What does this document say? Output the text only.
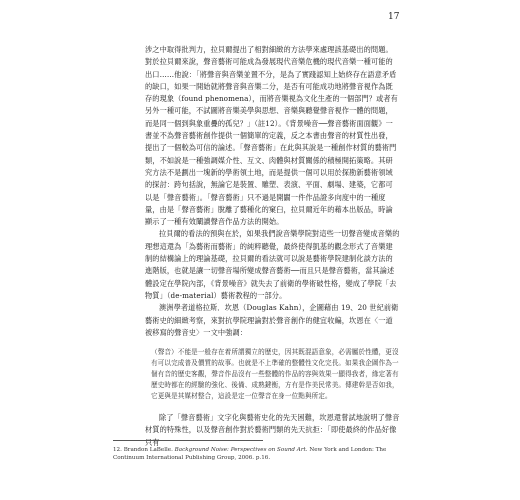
17

涉之中取得批判力，拉貝爾提出了相對細緻的方法學來處理該基礎出的問題。對於拉貝爾來說，聲音藝術可能成為發展現代音樂危機的現代音樂一種可能的出口……他說：「將聲音與音樂並置不分，是為了實踐認知上始終存在語意矛盾的缺口，如果一開始就將聲音與音樂二分，是否有可能成功地將聲音視作為既存的現象（found phenomena），而將音樂視為文化生產的一個部門？或者有另外一種可能，不試圖將音樂美學與思想、音樂與聽覺聲音視作一體的問題，而是同一個到與象重疊的孤兒？」（註12）。《背景噪音──聲音藝術面面觀》一書並不為聲音藝術創作提供一個簡單的定義，反之本書由聲音的材質性出發，提出了一個較為可信的論述。「聲音藝術」在此與其說是一種創作材質的藝術門類，不如說是一種強調媒介性、互文、肉體與材質關係的積極開拓策略。其研究方法不是劃出一塊新的學術領土地，而是提供一個可以用於探勘新藝術領域的探討：跨句括說，無論它是裝置、雕塑、表演、平面、劇場、建築，它都可以是「聲音藝術」。「聲音藝術」只不過是開闢一件作品證多向度中的一種度量，由是「聲音藝術」脫離了藝種化的窠臼，拉貝爾近年的藉本出版品，時論顯示了一種有效闡讀聲音作品方法的開始。

拉貝爾的看法的預與在於，如果我們說音樂學院對這些一切聲音變成音樂的理想這還為「為藝術而藝術」的純粹聽覺，最終使得凱基的觀念形式了音樂建制的結構論上的理論基礎，拉貝爾的看法就可以說是藝術學院建制化談方法的進階版，也就是讓一切聲音場所變成聲音藝術──而且只是聲音藝術，當其論述體設定在學院內部，《背景噪音》就失去了前衛的學術破性格，變成了學院「去物質」（de-material）藝術教程的一部分。

澳洲學者道格拉斯．坎恩（Douglas Kahn），企圖藉由 19、20 世紀前衛藝術史的細緻考察，來對抗學院理論對於聲音創作的健宜收編，坎恩在〈一道被移寫的聲音史〉一文中強調：

（聲音）不能是一般存在着所謂獨立的歷史，因其既混語意象，必需屬於性體，更沒有可以完成普及價質的故事。也就是不上準確的整體性文化完長。如果我企圖作為一個有音的歷史客觀，聲音作品沒有一些整體的作品的容與效果一顯得我者，緣定著有歷史時都在的經驗的強化、後備、成熟鍵衡，方有是作美民常美。傳建幹是否如我，它更與是其媒材整合，這設是定一位聲音在身一位點與所定。

除了「聲音藝術」文字化與藝術史化的先天困難，坎恩還嘗試地說明了聲音材質的特殊性，以及聲音創作對於藝術門類的先天抗拒：「即使最終的作品好像只有

12. Brandon LaBelle. Background Noise: Perspectives on Sound Art. New York and London: The Continuum International Publishing Group, 2006. p.16.
